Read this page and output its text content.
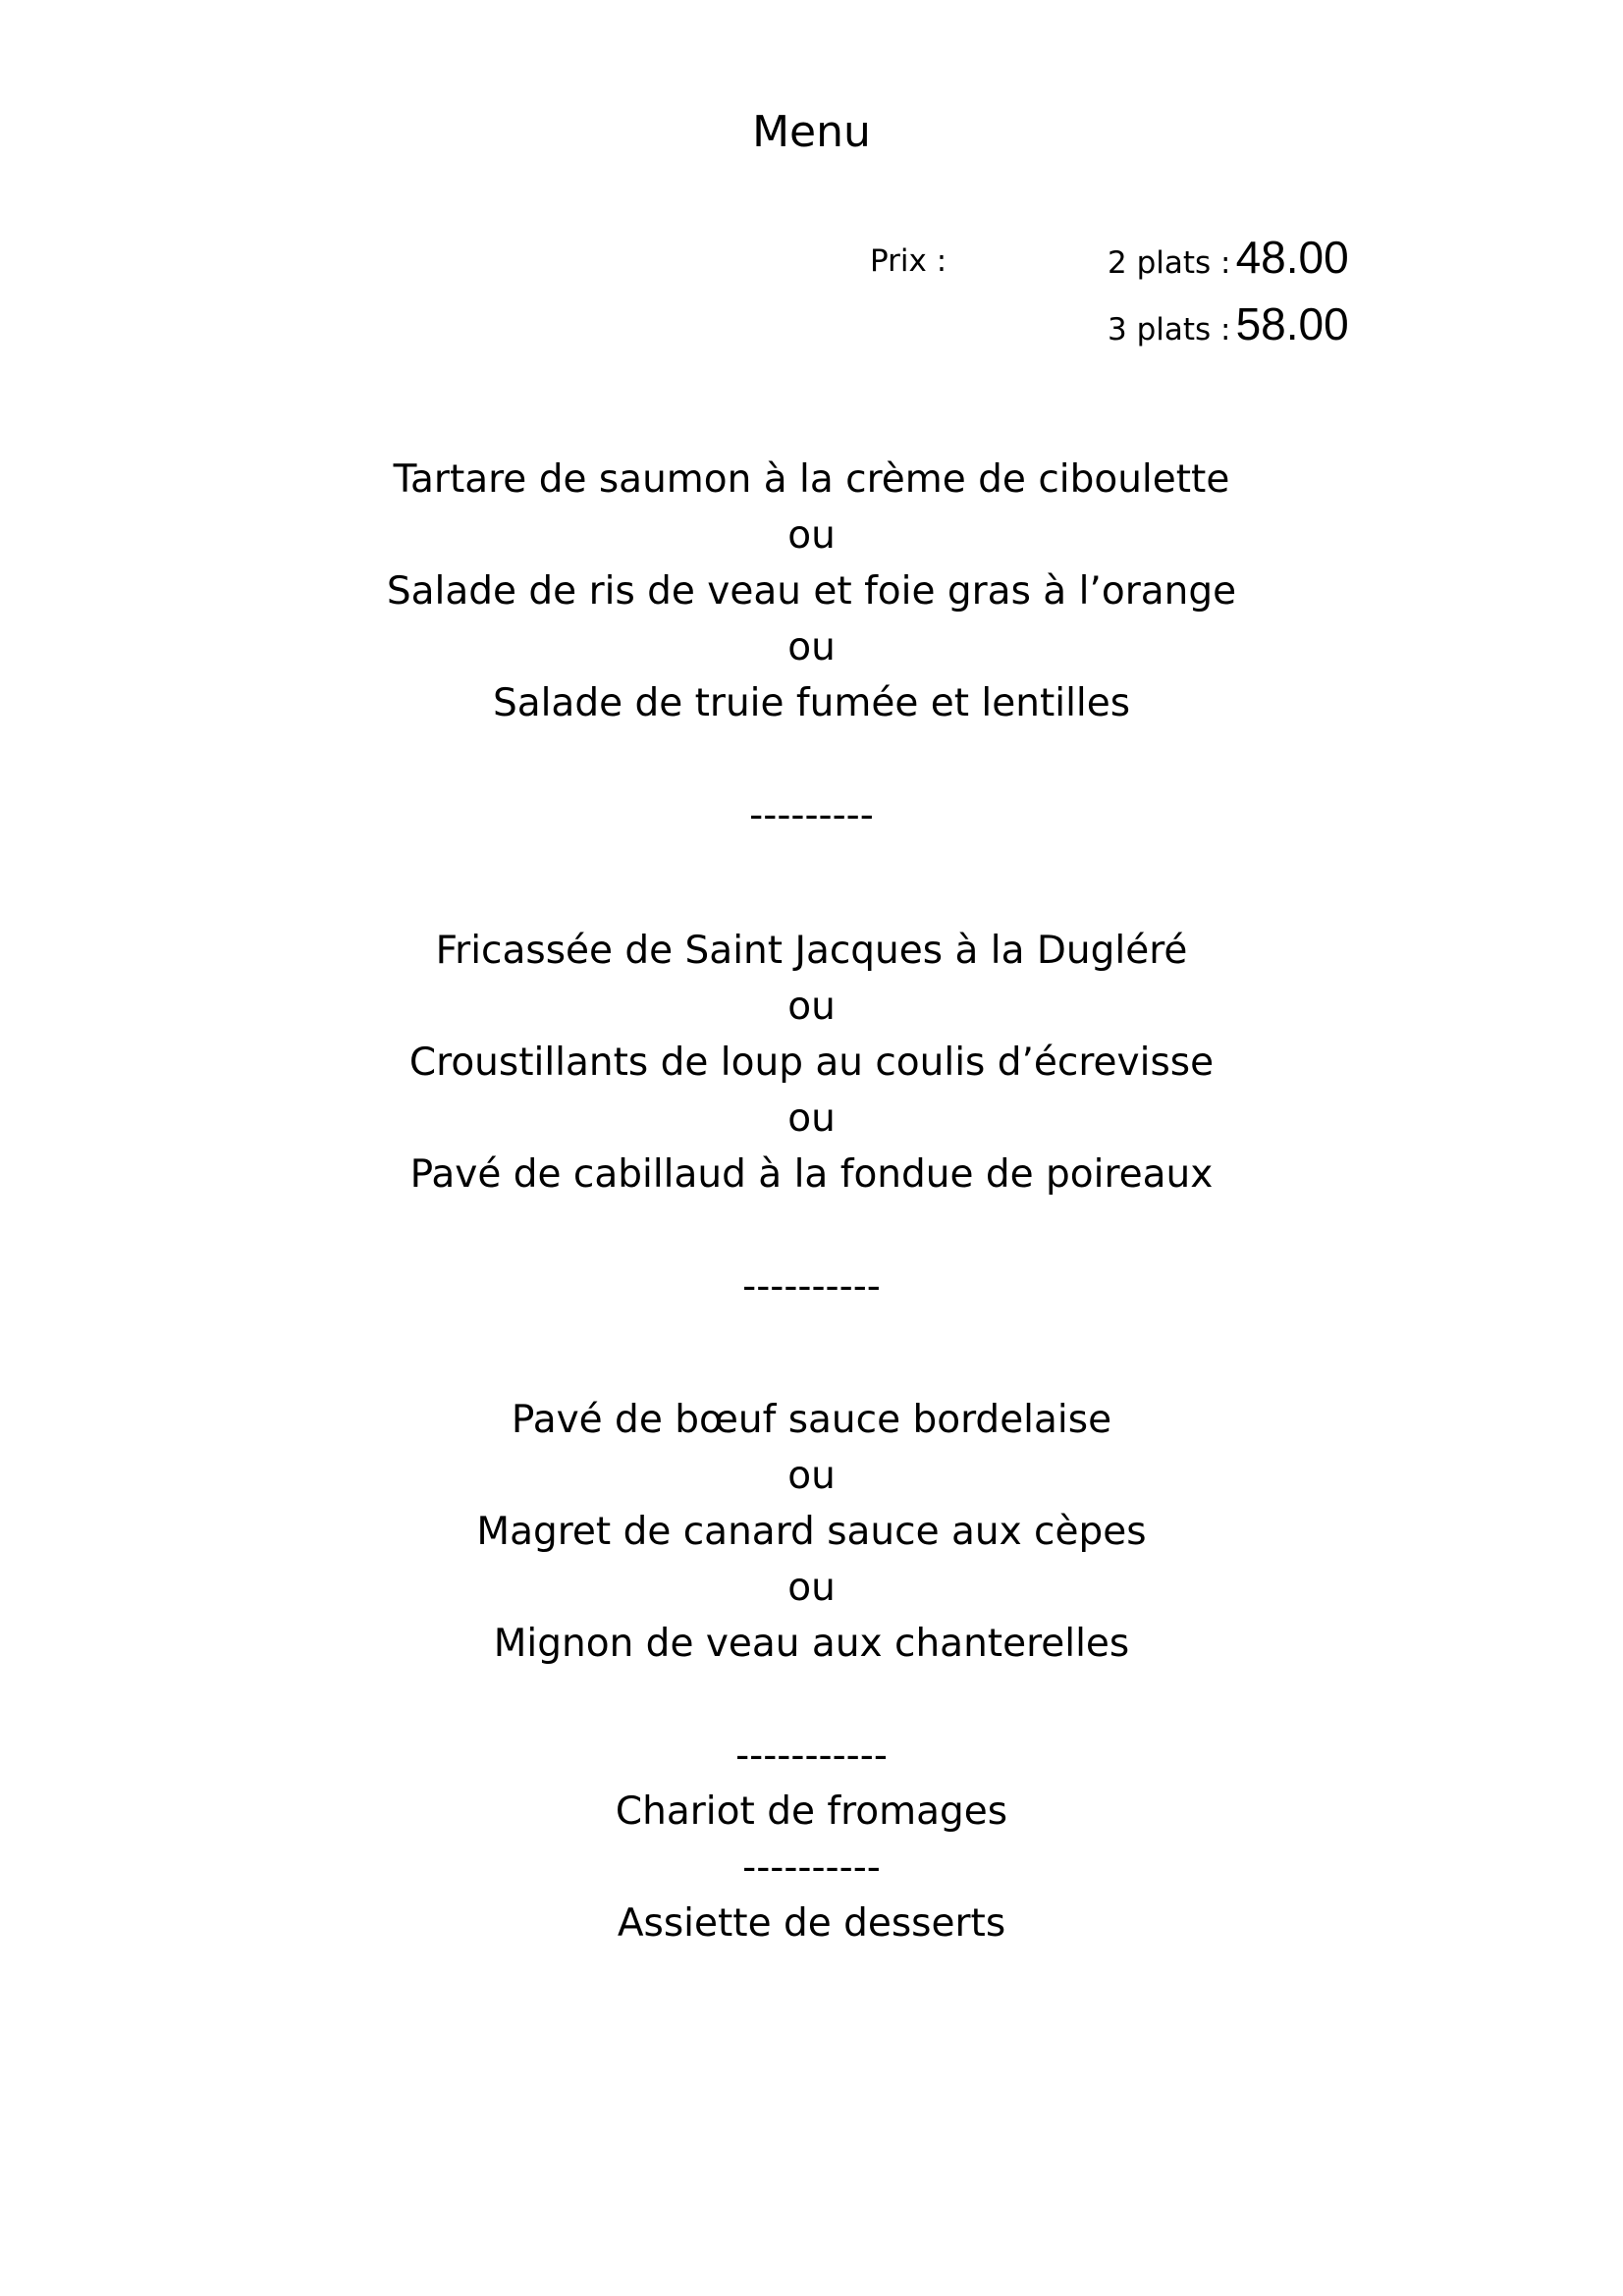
Menu
Prix :	2 plats : 48.00
3 plats : 58.00
Tartare de saumon à la crème de ciboulette
ou
Salade de ris de veau et foie gras à l’orange
ou
Salade de truie fumée et lentilles
---------
Fricassée de Saint Jacques à la Dugléré
ou
Croustillants de loup au coulis d’écrevisse
ou
Pavé de cabillaud à la fondue de poireaux
----------
Pavé de bœuf sauce bordelaise
ou
Magret de canard sauce aux cèpes
ou
Mignon de veau aux chanterelles
-----------
Chariot de fromages
----------
Assiette de desserts
